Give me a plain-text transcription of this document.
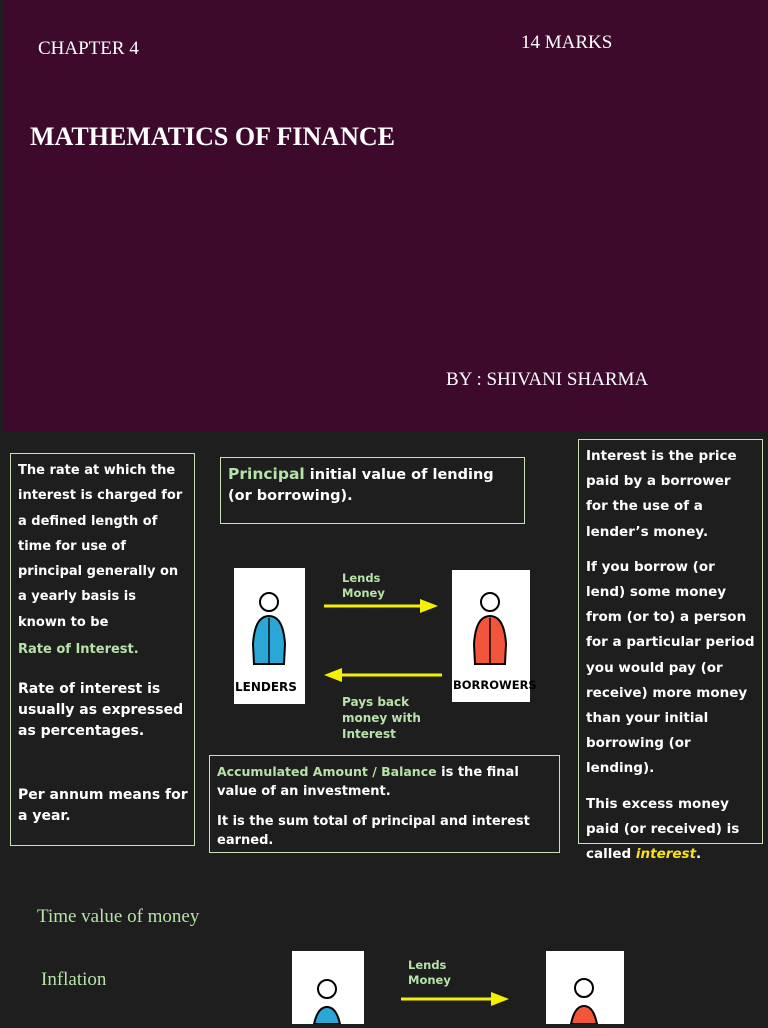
CHAPTER 4	14 MARKS
MATHEMATICS OF FINANCE
BY : SHIVANI SHARMA

The rate at which the interest is charged for a defined length of time for use of principal generally on a yearly basis is known to be

Rate of Interest.

Rate of interest is usually as expressed as percentages.

Per annum means for a year.

Principal initial value of lending (or borrowing).
LENDERS	BORROWERS
Lends Money
Pays back money with Interest

Accumulated Amount / Balance is the final value of an investment.

It is the sum total of principal and interest earned.

Interest is the price paid by a borrower for the use of a lender’s money.

If you borrow (or lend) some money from (or to) a person for a particular period you would pay (or receive) more money than your initial borrowing (or lending).

This excess money paid (or received) is called interest.

Time value of money
Inflation
Lends Money
